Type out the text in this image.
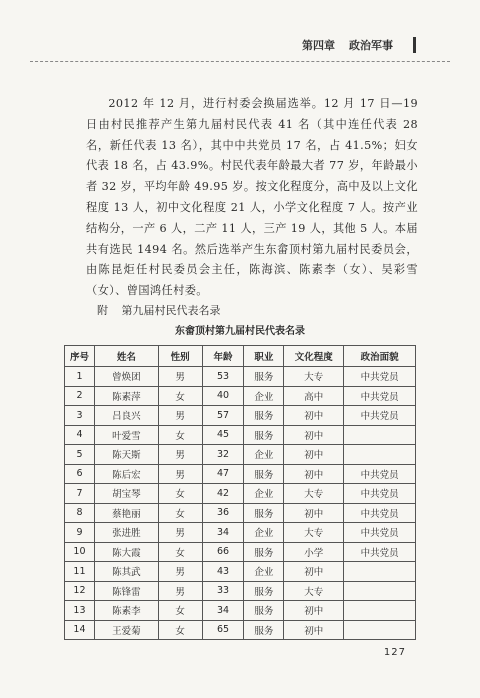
第四章 政治军事

2012 年 12 月，进行村委会换届选举。12 月 17 日—19 日由村民推荐产生第九届村民代表 41 名（其中连任代表 28 名，新任代表 13 名），其中中共党员 17 名，占 41.5%；妇女代表 18 名，占 43.9%。村民代表年龄最大者 77 岁，年龄最小者 32 岁，平均年龄 49.95 岁。按文化程度分，高中及以上文化程度 13 人，初中文化程度 21 人，小学文化程度 7 人。按产业结构分，一产 6 人，二产 11 人，三产 19 人，其他 5 人。本届共有选民 1494 名。然后选举产生东畲顶村第九届村民委员会，由陈昆炬任村民委员会主任，陈海滨、陈素李（女）、吴彩雪（女）、曾国鸿任村委。

附 第九届村民代表名录
东畲顶村第九届村民代表名录
序号	姓名	性别	年龄	职业	文化程度	政治面貌
1	曾焕团	男	53	服务	大专	中共党员
2	陈素萍	女	40	企业	高中	中共党员
3	吕良兴	男	57	服务	初中	中共党员
4	叶爱雪	女	45	服务	初中	
5	陈天斯	男	32	企业	初中	
6	陈后宏	男	47	服务	初中	中共党员
7	胡宝琴	女	42	企业	大专	中共党员
8	蔡艳丽	女	36	服务	初中	中共党员
9	张进胜	男	34	企业	大专	中共党员
10	陈大霞	女	66	服务	小学	中共党员
11	陈其武	男	43	企业	初中	
12	陈锋雷	男	33	服务	大专	
13	陈素李	女	34	服务	初中	
14	王爱菊	女	65	服务	初中	
127
